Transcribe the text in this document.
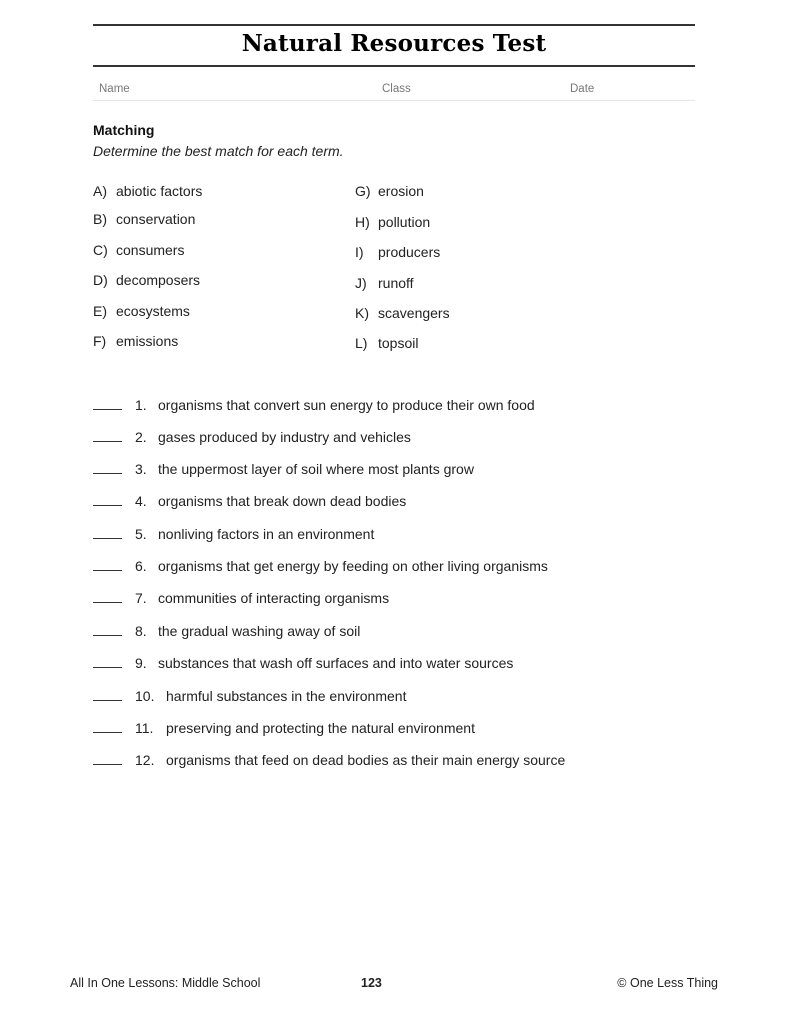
Natural Resources Test
Name	Class	Date
Matching
Determine the best match for each term.
A) abiotic factors
B) conservation
C) consumers
D) decomposers
E) ecosystems
F) emissions
G) erosion
H) pollution
I) producers
J) runoff
K) scavengers
L) topsoil
1. organisms that convert sun energy to produce their own food
2. gases produced by industry and vehicles
3. the uppermost layer of soil where most plants grow
4. organisms that break down dead bodies
5. nonliving factors in an environment
6. organisms that get energy by feeding on other living organisms
7. communities of interacting organisms
8. the gradual washing away of soil
9. substances that wash off surfaces and into water sources
10. harmful substances in the environment
11. preserving and protecting the natural environment
12. organisms that feed on dead bodies as their main energy source
All In One Lessons: Middle School	123	© One Less Thing
